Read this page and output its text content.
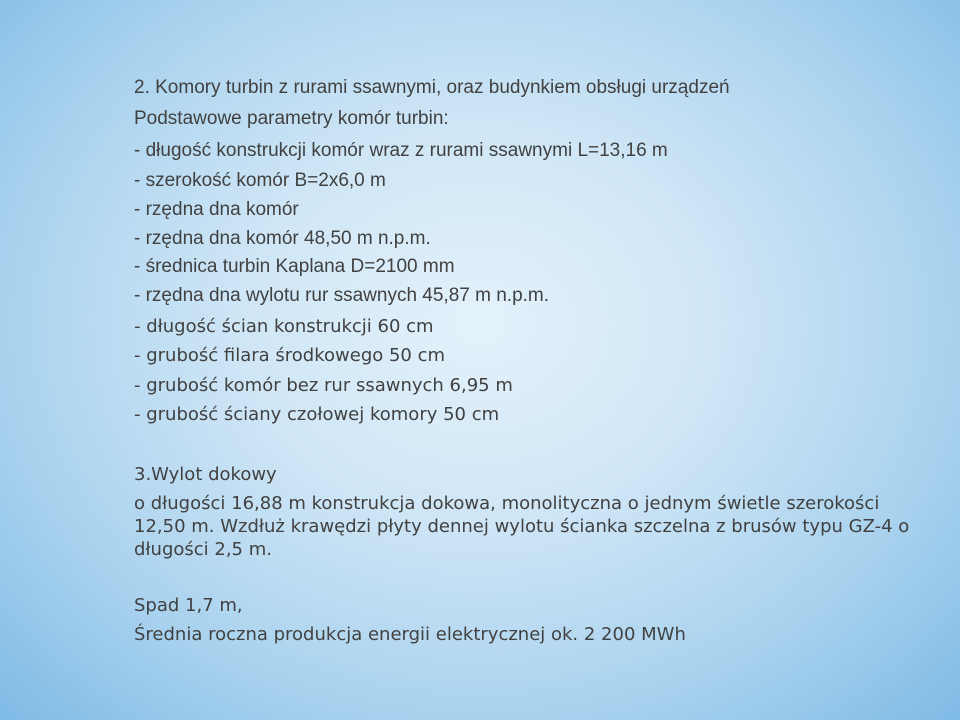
2. Komory turbin z rurami ssawnymi, oraz budynkiem obsługi urządzeń
Podstawowe parametry komór turbin:
- długość konstrukcji komór wraz z rurami ssawnymi L=13,16 m
- szerokość komór B=2x6,0 m
- rzędna dna komór
- rzędna dna komór 48,50 m n.p.m.
- średnica turbin Kaplana D=2100 mm
- rzędna dna wylotu rur ssawnych 45,87 m n.p.m.
- długość ścian konstrukcji 60 cm
- grubość filara środkowego 50 cm
- grubość komór bez rur ssawnych 6,95 m
- grubość ściany czołowej komory 50 cm
3.Wylot dokowy
o długości 16,88 m konstrukcja dokowa, monolityczna o jednym świetle szerokości 12,50 m. Wzdłuż krawędzi płyty dennej wylotu ścianka szczelna z brusów typu GZ-4 o długości 2,5 m.
Spad 1,7 m,
Średnia roczna produkcja energii elektrycznej ok. 2 200 MWh
